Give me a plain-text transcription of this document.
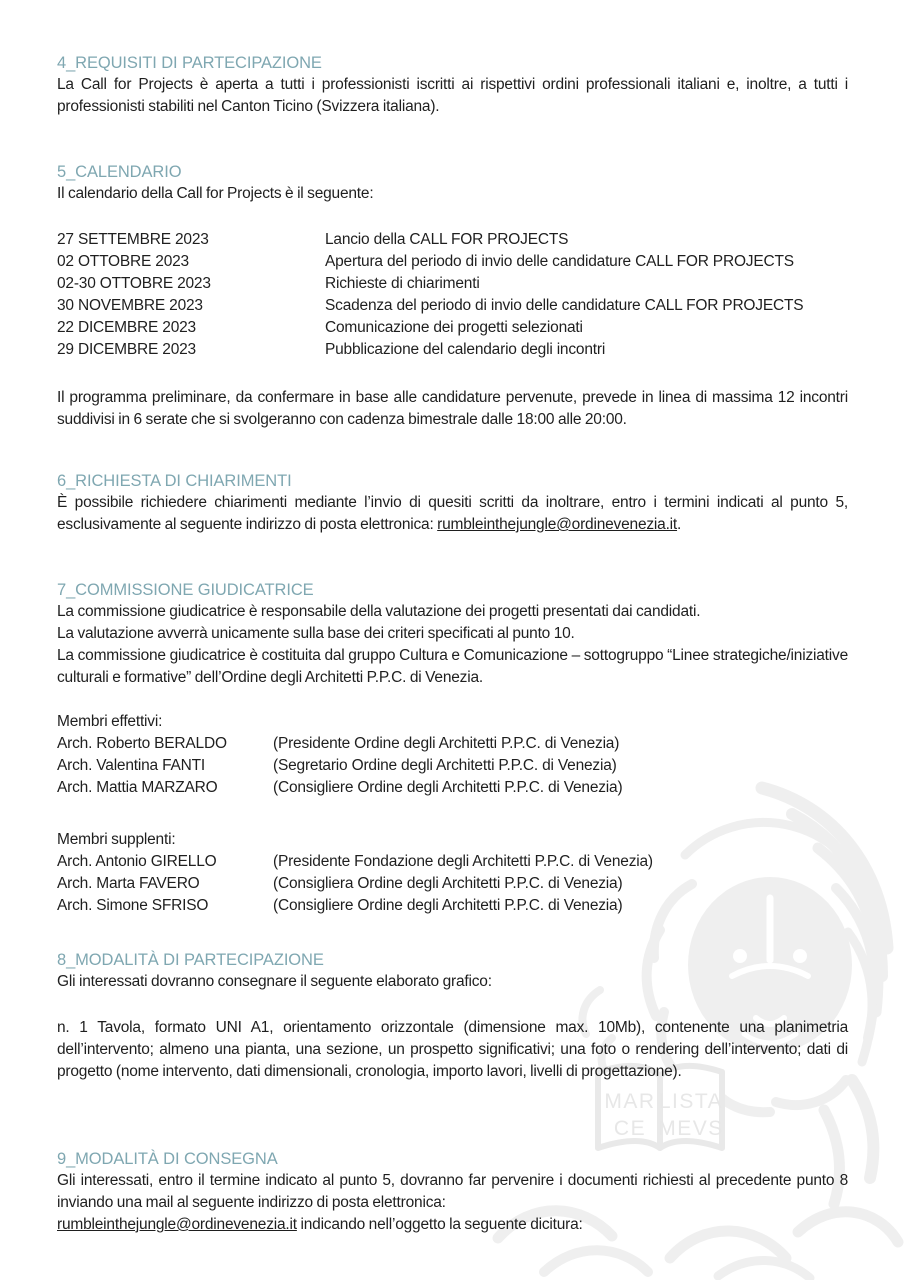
MAR
CE
LISTA
MEVS
4_REQUISITI DI PARTECIPAZIONE

La Call for Projects è aperta a tutti i professionisti iscritti ai rispettivi ordini professionali italiani e, inoltre, a tutti i professionisti stabiliti nel Canton Ticino (Svizzera italiana).

5_CALENDARIO

Il calendario della Call for Projects è il seguente:

27 SETTEMBRE 2023	Lancio della CALL FOR PROJECTS
02 OTTOBRE 2023	Apertura del periodo di invio delle candidature CALL FOR PROJECTS
02-30 OTTOBRE 2023	Richieste di chiarimenti
30 NOVEMBRE 2023	Scadenza del periodo di invio delle candidature CALL FOR PROJECTS
22 DICEMBRE 2023	Comunicazione dei progetti selezionati
29 DICEMBRE 2023	Pubblicazione del calendario degli incontri

Il programma preliminare, da confermare in base alle candidature pervenute, prevede in linea di massima 12 incontri suddivisi in 6 serate che si svolgeranno con cadenza bimestrale dalle 18:00 alle 20:00.

6_RICHIESTA DI CHIARIMENTI

È possibile richiedere chiarimenti mediante l’invio di quesiti scritti da inoltrare, entro i termini indicati al punto 5, esclusivamente al seguente indirizzo di posta elettronica: rumbleinthejungle@ordinevenezia.it.

7_COMMISSIONE GIUDICATRICE

La commissione giudicatrice è responsabile della valutazione dei progetti presentati dai candidati.

La valutazione avverrà unicamente sulla base dei criteri specificati al punto 10.

La commissione giudicatrice è costituita dal gruppo Cultura e Comunicazione – sottogruppo “Linee strategiche/iniziative culturali e formative” dell’Ordine degli Architetti P.P.C. di Venezia.

Membri effettivi:
Arch. Roberto BERALDO	(Presidente Ordine degli Architetti P.P.C. di Venezia)
Arch. Valentina FANTI	(Segretario Ordine degli Architetti P.P.C. di Venezia)
Arch. Mattia MARZARO	(Consigliere Ordine degli Architetti P.P.C. di Venezia)
Membri supplenti:
Arch. Antonio GIRELLO	(Presidente Fondazione degli Architetti P.P.C. di Venezia)
Arch. Marta FAVERO	(Consigliera Ordine degli Architetti P.P.C. di Venezia)
Arch. Simone SFRISO	(Consigliere Ordine degli Architetti P.P.C. di Venezia)
8_MODALITÀ DI PARTECIPAZIONE

Gli interessati dovranno consegnare il seguente elaborato grafico:

n. 1 Tavola, formato UNI A1, orientamento orizzontale (dimensione max. 10Mb), contenente una planimetria dell’intervento; almeno una pianta, una sezione, un prospetto significativi; una foto o rendering dell’intervento; dati di progetto (nome intervento, dati dimensionali, cronologia, importo lavori, livelli di progettazione).

9_MODALITÀ DI CONSEGNA

Gli interessati, entro il termine indicato al punto 5, dovranno far pervenire i documenti richiesti al precedente punto 8 inviando una mail al seguente indirizzo di posta elettronica:

rumbleinthejungle@ordinevenezia.it indicando nell’oggetto la seguente dicitura:
